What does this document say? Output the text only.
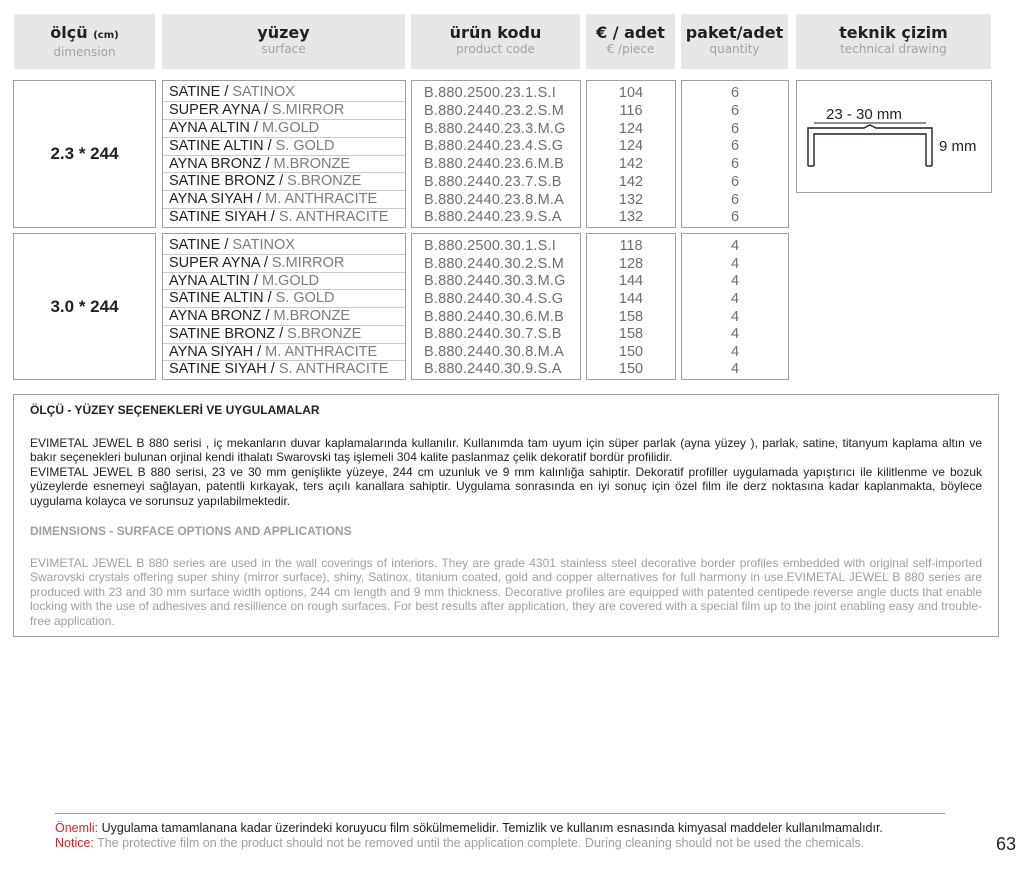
ölçü (cm)
dimension
yüzey
surface
ürün kodu
product code
€ / adet
€ /piece
paket/adet
quantity
teknik çizim
technical drawing
2.3 * 244
SATINE / SATINOX
SUPER AYNA / S.MIRROR
AYNA ALTIN / M.GOLD
SATINE ALTIN / S. GOLD
AYNA BRONZ / M.BRONZE
SATINE BRONZ / S.BRONZE
AYNA SİYAH / M. ANTHRACITE
SATINE SİYAH / S. ANTHRACITE
B.880.2500.23.1.S.I
B.880.2440.23.2.S.M
B.880.2440.23.3.M.G
B.880.2440.23.4.S.G
B.880.2440.23.6.M.B
B.880.2440.23.7.S.B
B.880.2440.23.8.M.A
B.880.2440.23.9.S.A
104
116
124
124
142
142
132
132
6
6
6
6
6
6
6
6
23 - 30 mm
9 mm
3.0 * 244
SATINE / SATINOX
SUPER AYNA / S.MIRROR
AYNA ALTIN / M.GOLD
SATINE ALTIN / S. GOLD
AYNA BRONZ / M.BRONZE
SATINE BRONZ / S.BRONZE
AYNA SİYAH / M. ANTHRACITE
SATINE SİYAH / S. ANTHRACITE
B.880.2500.30.1.S.I
B.880.2440.30.2.S.M
B.880.2440.30.3.M.G
B.880.2440.30.4.S.G
B.880.2440.30.6.M.B
B.880.2440.30.7.S.B
B.880.2440.30.8.M.A
B.880.2440.30.9.S.A
118
128
144
144
158
158
150
150
4
4
4
4
4
4
4
4
ÖLÇÜ - YÜZEY SEÇENEKLERİ VE UYGULAMALAR
EVIMETAL JEWEL B 880 serisi , iç mekanların duvar kaplamalarında kullanılır. Kullanımda tam uyum için süper parlak (ayna yüzey ), parlak, satine, titanyum kaplama altın ve bakır seçenekleri bulunan orjinal kendi ithalatı Swarovski taş işlemeli 304 kalite paslanmaz çelik dekoratif bordür profilidir.
EVIMETAL JEWEL B 880 serisi, 23 ve 30 mm genişlikte yüzeye, 244 cm uzunluk ve 9 mm kalınlığa sahiptir. Dekoratif profiller uygulamada yapıştırıcı ile kilitlenme ve bozuk yüzeylerde esnemeyi sağlayan, patentli kırkayak, ters açılı kanallara sahiptir. Uygulama sonrasında en iyi sonuç için özel film ile derz noktasına kadar kaplanmakta, böylece uygulama kolayca ve sorunsuz yapılabilmektedir.
DIMENSIONS - SURFACE OPTIONS AND APPLICATIONS
EVIMETAL JEWEL B 880 series are used in the wall coverings of interiors. They are grade 4301 stainless steel decorative border profiles embedded with original self-imported Swarovski crystals offering super shiny (mirror surface), shiny, Satinox, titanium coated, gold and copper alternatives for full harmony in use.EVIMETAL JEWEL B 880 series are produced with 23 and 30 mm surface width options, 244 cm length and 9 mm thickness. Decorative profiles are equipped with patented centipede reverse angle ducts that enable locking with the use of adhesives and resillience on rough surfaces. For best results after application, they are covered with a special film up to the joint enabling easy and trouble-free application.
Önemli: Uygulama tamamlanana kadar üzerindeki koruyucu film sökülmemelidir. Temizlik ve kullanım esnasında kimyasal maddeler kullanılmamalıdır.
Notice: The protective film on the product should not be removed until the application complete. During cleaning should not be used the chemicals.	63
